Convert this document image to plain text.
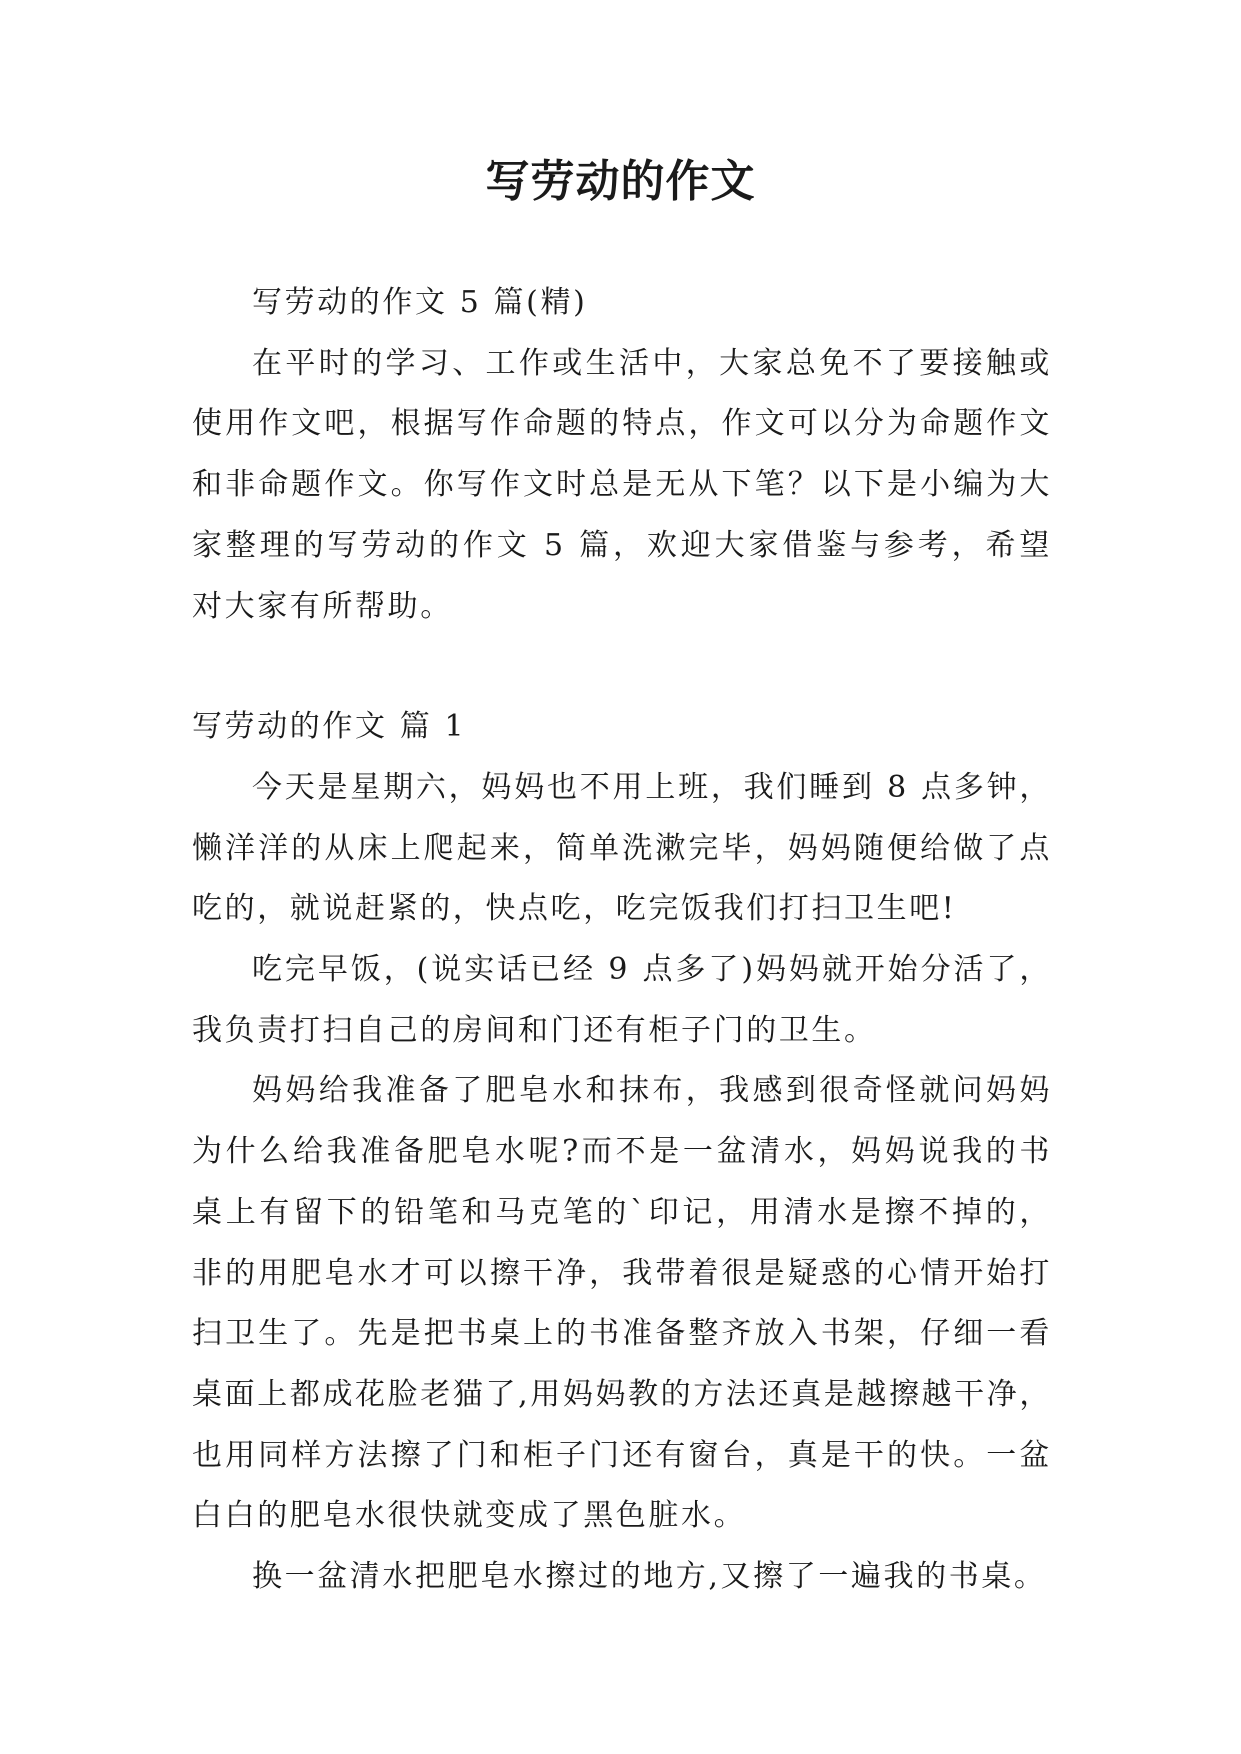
写劳动的作文

写劳动的作文 5 篇(精)

在平时的学习、工作或生活中，大家总免不了要接触或使用作文吧，根据写作命题的特点，作文可以分为命题作文和非命题作文。你写作文时总是无从下笔？以下是小编为大家整理的写劳动的作文 5 篇，欢迎大家借鉴与参考，希望对大家有所帮助。

写劳动的作文 篇 1

今天是星期六，妈妈也不用上班，我们睡到 8 点多钟，懒洋洋的从床上爬起来，简单洗漱完毕，妈妈随便给做了点吃的，就说赶紧的，快点吃，吃完饭我们打扫卫生吧!

吃完早饭，(说实话已经 9 点多了)妈妈就开始分活了，我负责打扫自己的房间和门还有柜子门的卫生。

妈妈给我准备了肥皂水和抹布，我感到很奇怪就问妈妈为什么给我准备肥皂水呢?而不是一盆清水，妈妈说我的书桌上有留下的铅笔和马克笔的`印记，用清水是擦不掉的，非的用肥皂水才可以擦干净，我带着很是疑惑的心情开始打扫卫生了。先是把书桌上的书准备整齐放入书架，仔细一看桌面上都成花脸老猫了,用妈妈教的方法还真是越擦越干净，也用同样方法擦了门和柜子门还有窗台，真是干的快。一盆白白的肥皂水很快就变成了黑色脏水。

换一盆清水把肥皂水擦过的地方,又擦了一遍我的书桌。
